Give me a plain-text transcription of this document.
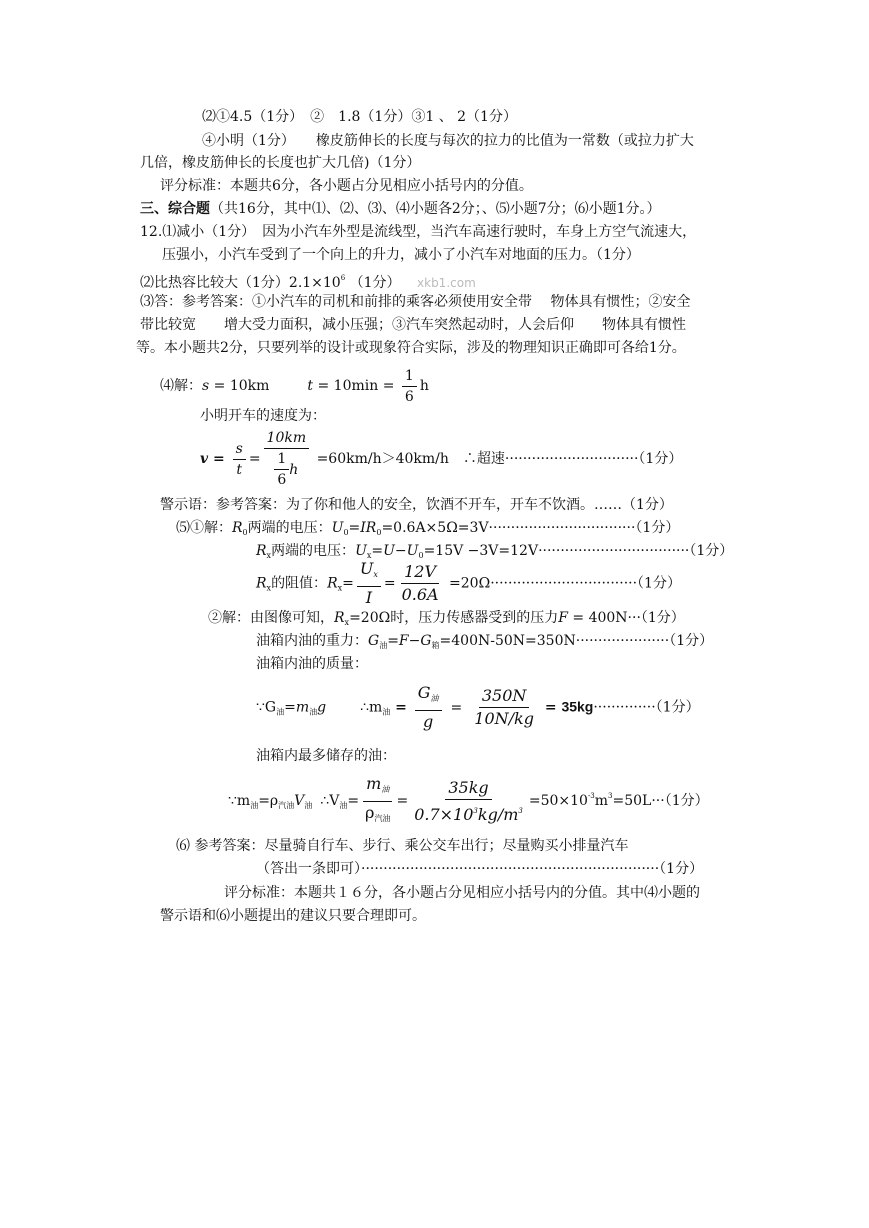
⑵①4.5（1分）　②　1.8（1分）③1 、 2（1分）
④小明（1分）　　橡皮筋伸长的长度与每次的拉力的比值为一常数（或拉力扩大
几倍，橡皮筋伸长的长度也扩大几倍)（1分）
评分标准：本题共6分，各小题占分见相应小括号内的分值。
三、综合题（共16分，其中⑴、⑵、⑶、⑷小题各2分；、⑸小题7分；⑹小题1分。）
12.⑴减小（1分）　因为小汽车外型是流线型，当汽车高速行驶时，车身上方空气流速大，
压强小，小汽车受到了一个向上的升力，减小了小汽车对地面的压力。（1分）
⑵比热容比较大（1分）$2.1\times 10^6$ （1分） xkb1.com
⑶答：参考答案：①小汽车的司机和前排的乘客必须使用安全带　 物体具有惯性；②安全
带比较宽　　增大受力面积，减小压强；③汽车突然起动时，人会后仰　　物体具有惯性
等。本小题共2分，只要列举的设计或现象符合实际，涉及的物理知识正确即可各给1分。
⑷解：s = 10km	$t = 10\min = \frac{1}{6}$ h
小明开车的速度为：
$v = \frac{s}{t} = \frac{10km}{\frac{1}{6} h} =60km/h>40km/h$　∴超速······························（1分）
警示语：参考答案：为了你和他人的安全，饮酒不开车，开车不饮酒。……（1分）
⑸①解：$R_0$两端的电压：$U_0=IR_0=0.6A\times 5\Omega=3V\cdot\cdot\cdot\cdot\cdot\cdot\cdot\cdot\cdot\cdot\cdot\cdot\cdot\cdot\cdot\cdot\cdot\cdot\cdot\cdot\cdot\cdot\cdot\cdot\cdot\cdot\cdot\cdot\cdot\cdot\cdot\cdot\cdot(1$分）
$R_x$两端的电压：$U_x=U-U_0=15V -3V=12V\cdot\cdot\cdot\cdot\cdot\cdot\cdot\cdot\cdot\cdot\cdot\cdot\cdot\cdot\cdot\cdot\cdot\cdot\cdot\cdot\cdot\cdot\cdot\cdot\cdot\cdot\cdot\cdot\cdot\cdot\cdot\cdot\cdot\cdot(1$分）
$R_x$的阻值：$R_x= \frac{U_x}{I} = \frac{12V}{0.6A} =20\Omega\cdot\cdot\cdot\cdot\cdot\cdot\cdot\cdot\cdot\cdot\cdot\cdot\cdot\cdot\cdot\cdot\cdot\cdot\cdot\cdot\cdot\cdot\cdot\cdot\cdot\cdot\cdot\cdot\cdot\cdot\cdot\cdot\cdot(1$分）
②解：由图像可知，$R_x=20\Omega$时，压力传感器受到的压力F = 400N···（1分）
油箱内油的重力：$G_油=F-G_箱=400N-50N=350N\cdot\cdot\cdot\cdot\cdot\cdot\cdot\cdot\cdot\cdot\cdot\cdot\cdot\cdot\cdot\cdot\cdot\cdot\cdot\cdot\cdot(1$分）
油箱内油的质量：
$\because G_油=m_油g$ $\therefore m_油 = \frac{G_油}{g} = \frac{350N}{10N/kg} = 35kg\cdot\cdot\cdot\cdot\cdot\cdot\cdot\cdot\cdot\cdot\cdot\cdot\cdot\cdot(1$分）
油箱内最多储存的油：
$\because m_油=\rho_{汽油}V_油$ $\therefore V_油= \frac{m_油}{\rho_{汽油}} = \frac{35kg}{0.7\times 10^3kg/m^3} =50\times 10^{-3}m^3=50L\cdot\cdot\cdot(1$分）
⑹ 参考答案：尽量骑自行车、步行、乘公交车出行；尽量购买小排量汽车
（答出一条即可）···································································（1分）
评分标准：本题共１６分，各小题占分见相应小括号内的分值。其中⑷小题的
警示语和⑹小题提出的建议只要合理即可。
